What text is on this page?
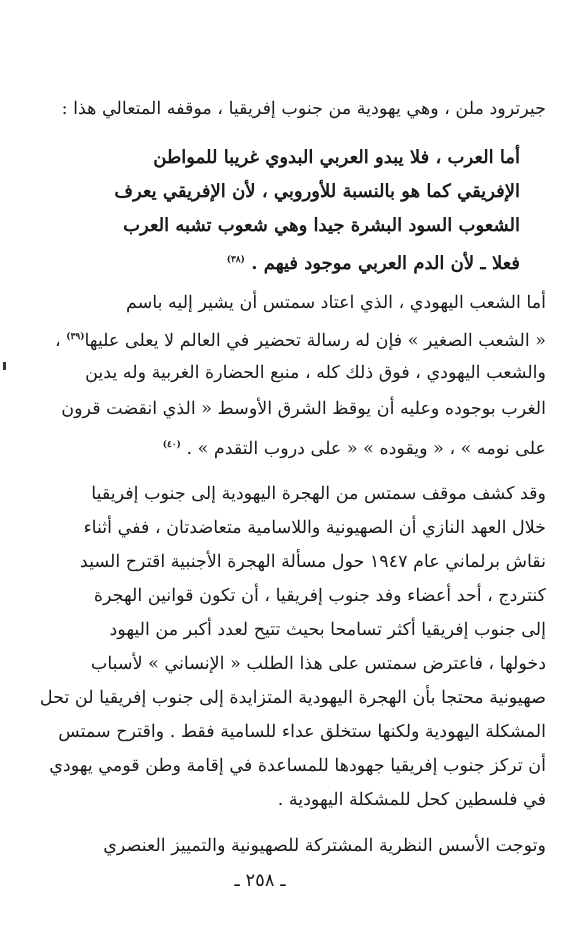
جيرترود ملن ، وهي يهودية من جنوب إفريقيا ، موقفه المتعالي هذا :
أما العرب ، فلا يبدو العربي البدوي غريبا للمواطن
الإفريقي كما هو بالنسبة للأوروبي ، لأن الإفريقي يعرف
الشعوب السود البشرة جيدا وهي شعوب تشبه العرب
فعلا ـ لأن الدم العربي موجود فيهم . $^{(٣٨)}$
أما الشعب اليهودي ، الذي اعتاد سمتس أن يشير إليه باسم
« الشعب الصغير » فإن له رسالة تحضير في العالم لا يعلى عليها$^{(٣٩)}$ ،
والشعب اليهودي ، فوق ذلك كله ، منبع الحضارة الغربية وله يدين
الغرب بوجوده وعليه أن يوقظ الشرق الأوسط « الذي انقضت قرون
على نومه » ، « ويقوده » « على دروب التقدم » . $^{(٤٠)}$
وقد كشف موقف سمتس من الهجرة اليهودية إلى جنوب إفريقيا
خلال العهد النازي أن الصهيونية واللاسامية متعاضدتان ، ففي أثناء
نقاش برلماني عام ١٩٤٧ حول مسألة الهجرة الأجنبية اقترح السيد
كنتردج ، أحد أعضاء وفد جنوب إفريقيا ، أن تكون قوانين الهجرة
إلى جنوب إفريقيا أكثر تسامحا بحيث تتيح لعدد أكبر من اليهود
دخولها ، فاعترض سمتس على هذا الطلب « الإنساني » لأسباب
صهيونية محتجا بأن الهجرة اليهودية المتزايدة إلى جنوب إفريقيا لن تحل
المشكلة اليهودية ولكنها ستخلق عداء للسامية فقط . واقترح سمتس
أن تركز جنوب إفريقيا جهودها للمساعدة في إقامة وطن قومي يهودي
في فلسطين كحل للمشكلة اليهودية .
وتوجت الأسس النظرية المشتركة للصهيونية والتمييز العنصري
ـ ٢٥٨ ـ
